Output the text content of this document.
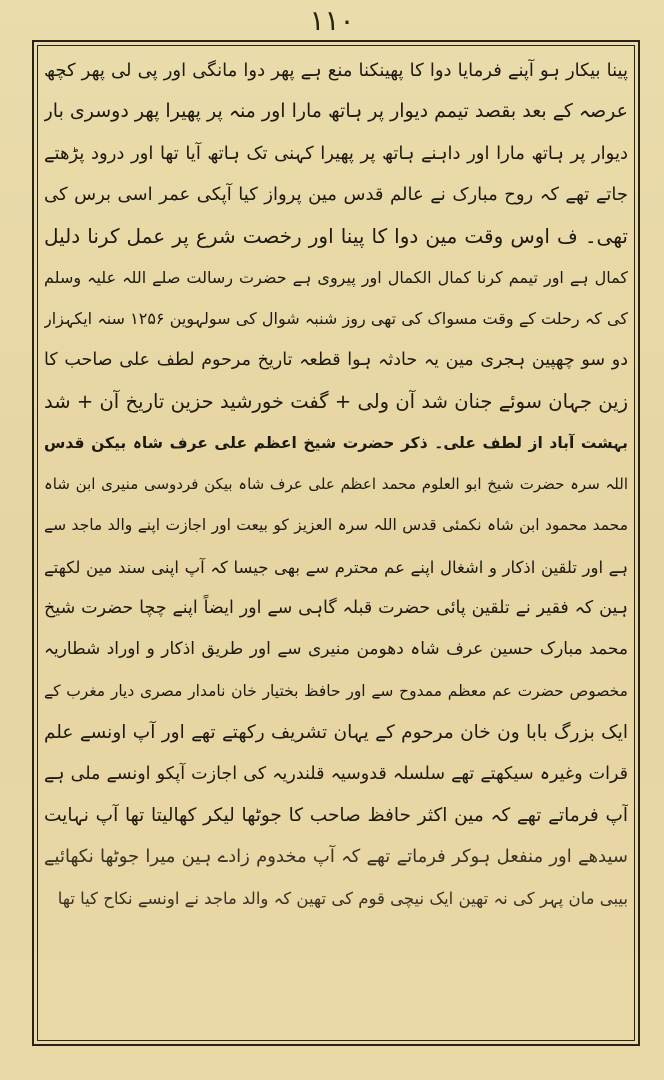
۱۱۰
پینا بیکار ہو آپنے فرمایا دوا کا پھینکنا منع ہے پھر دوا مانگی اور پی لی پھر کچھ
عرصہ کے بعد بقصد تیمم دیوار پر ہاتھ مارا اور منہ پر پھیرا پھر دوسری بار
دیوار پر ہاتھ مارا اور داہنے ہاتھ پر پھیرا کہنی تک ہاتھ آیا تھا اور درود پڑھتے
جاتے تھے کہ روح مبارک نے عالم قدس مین پرواز کیا آپکی عمر اسی برس کی
تھی۔ ف اوس وقت مین دوا کا پینا اور رخصت شرع پر عمل کرنا دلیل
کمال ہے اور تیمم کرنا کمال الکمال اور پیروی ہے حضرت رسالت صلے اللہ علیہ وسلم
کی کہ رحلت کے وقت مسواک کی تھی روز شنبہ شوال کی سولہوین ۱۲۵۶ سنہ ایکہزار
دو سو چھپین ہجری مین یہ حادثہ ہوا قطعہ تاریخ مرحوم لطف علی صاحب کا
زین جہان سوئے جنان شد آن ولی + گفت خورشید حزین تاریخ آن + شد
بہشت آباد از لطف علی۔ ذکر حضرت شیخ اعظم علی عرف شاہ بیکن قدس
اللہ سرہ حضرت شیخ ابو العلوم محمد اعظم علی عرف شاہ بیکن فردوسی منیری ابن شاہ
محمد محمود ابن شاہ نکمئی قدس اللہ سرہ العزیز کو بیعت اور اجازت اپنے والد ماجد سے
ہے اور تلقین اذکار و اشغال اپنے عم محترم سے بھی جیسا کہ آپ اپنی سند مین لکھتے
ہین کہ فقیر نے تلقین پائی حضرت قبلہ گاہی سے اور ایضاً اپنے چچا حضرت شیخ
محمد مبارک حسین عرف شاہ دھومن منیری سے اور طریق اذکار و اوراد شطاریہ
مخصوص حضرت عم معظم ممدوح سے اور حافظ بختیار خان نامدار مصری دیار مغرب کے
ایک بزرگ بابا ون خان مرحوم کے یہان تشریف رکھتے تھے اور آپ اونسے علم
قرات وغیرہ سیکھتے تھے سلسلہ قدوسیہ قلندریہ کی اجازت آپکو اونسے ملی ہے
آپ فرماتے تھے کہ مین اکثر حافظ صاحب کا جوٹھا لیکر کھالیتا تھا آپ نہایت
سیدھے اور منفعل ہوکر فرماتے تھے کہ آپ مخدوم زادے ہین میرا جوٹھا نکھائیے
بیبی مان پہر کی نہ تھین ایک نیچی قوم کی تھین کہ والد ماجد نے اونسے نکاح کیا تھا
